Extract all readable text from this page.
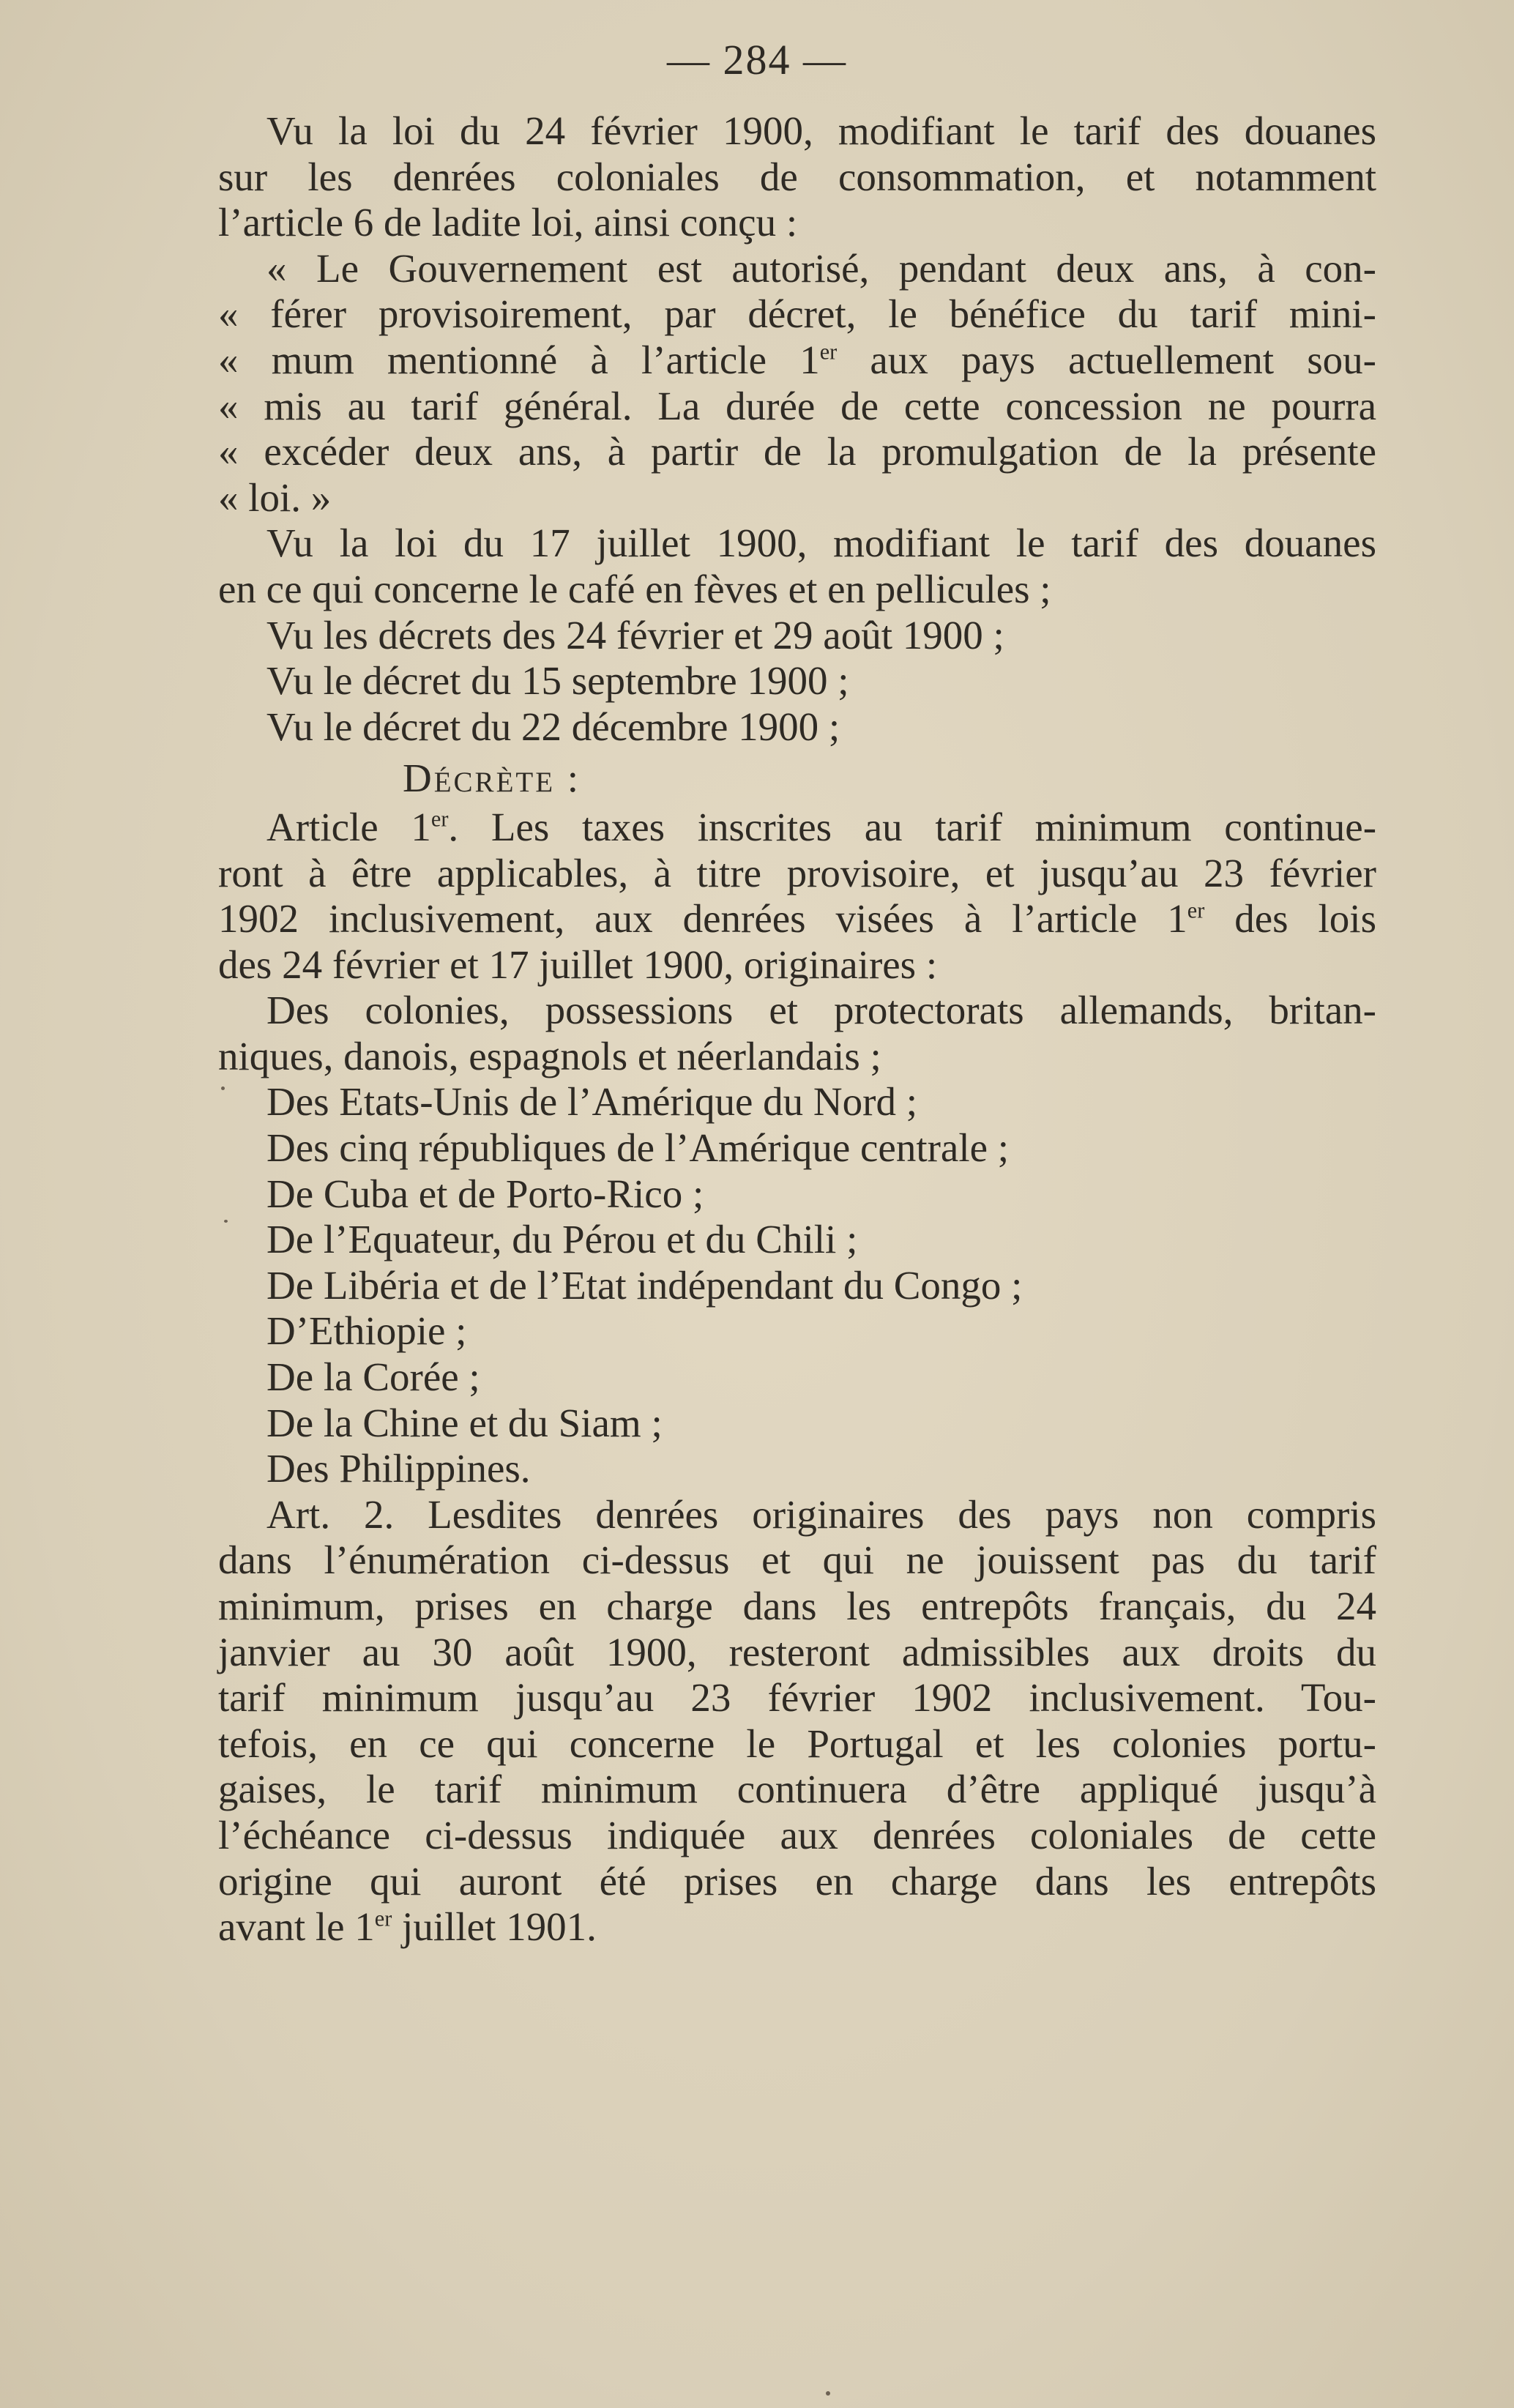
— 284 —
Vu la loi du 24 février 1900, modifiant le tarif des douanes
sur les denrées coloniales de consommation, et notamment
l’article 6 de ladite loi, ainsi conçu :
« Le Gouvernement est autorisé, pendant deux ans, à con-
« férer provisoirement, par décret, le bénéfice du tarif mini-
« mum mentionné à l’article 1er aux pays actuellement sou-
« mis au tarif général. La durée de cette concession ne pourra
« excéder deux ans, à partir de la promulgation de la présente
« loi. »
Vu la loi du 17 juillet 1900, modifiant le tarif des douanes
en ce qui concerne le café en fèves et en pellicules ;
Vu les décrets des 24 février et 29 août 1900 ;
Vu le décret du 15 septembre 1900 ;
Vu le décret du 22 décembre 1900 ;
Décrète :
Article 1er. Les taxes inscrites au tarif minimum continue-
ront à être applicables, à titre provisoire, et jusqu’au 23 février
1902 inclusivement, aux denrées visées à l’article 1er des lois
des 24 février et 17 juillet 1900, originaires :
Des colonies, possessions et protectorats allemands, britan-
niques, danois, espagnols et néerlandais ;
Des Etats-Unis de l’Amérique du Nord ;
Des cinq républiques de l’Amérique centrale ;
De Cuba et de Porto-Rico ;
De l’Equateur, du Pérou et du Chili ;
De Libéria et de l’Etat indépendant du Congo ;
D’Ethiopie ;
De la Corée ;
De la Chine et du Siam ;
Des Philippines.
Art. 2. Lesdites denrées originaires des pays non compris
dans l’énumération ci-dessus et qui ne jouissent pas du tarif
minimum, prises en charge dans les entrepôts français, du 24
janvier au 30 août 1900, resteront admissibles aux droits du
tarif minimum jusqu’au 23 février 1902 inclusivement. Tou-
tefois, en ce qui concerne le Portugal et les colonies portu-
gaises, le tarif minimum continuera d’être appliqué jusqu’à
l’échéance ci-dessus indiquée aux denrées coloniales de cette
origine qui auront été prises en charge dans les entrepôts
avant le 1er juillet 1901.
